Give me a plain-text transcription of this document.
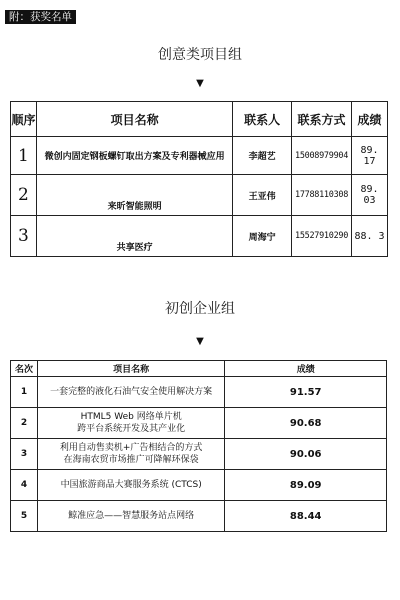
附：获奖名单
创意类项目组
▼
顺序	项目名称	联系人	联系方式	成绩
1	微创内固定钢板螺钉取出方案及专利器械应用	李超艺	15008979904	89. 17
2	来昕智能照明	王亚伟	17788110308	89. 03
3	共享医疗	周海宁	15527910290	88. 3
初创企业组
▼
名次	项目名称	成绩
1	一套完整的液化石油气安全使用解决方案	91.57
2	HTML5 Web 网络单片机
跨平台系统开发及其产业化	90.68
3	利用自动售卖机+广告相结合的方式
在海南农贸市场推广可降解环保袋	90.06
4	中国旅游商品大赛服务系统 (CTCS)	89.09
5	鲸准应急——智慧服务站点网络	88.44
